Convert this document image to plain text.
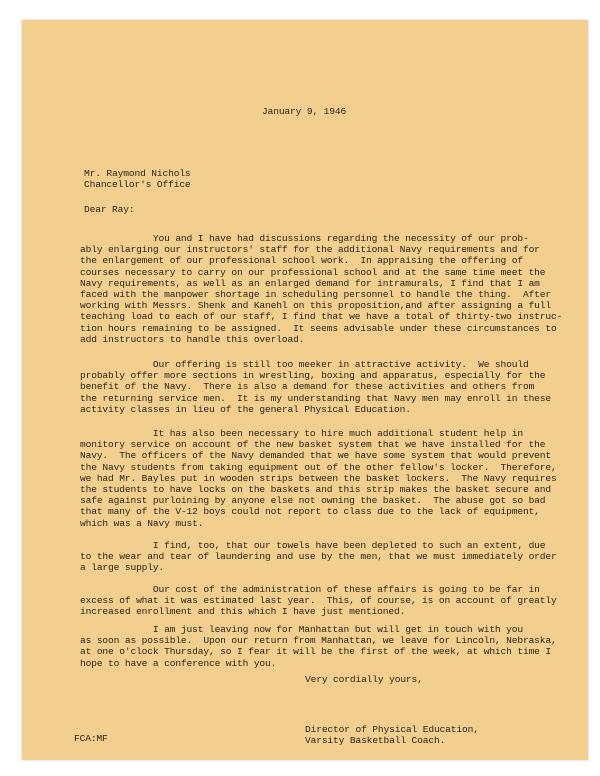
January 9, 1946
Mr. Raymond Nichols
Chancellor's Office
Dear Ray:
You and I have had discussions regarding the necessity of our prob-
ably enlarging our instructors' staff for the additional Navy requirements and for
the enlargement of our professional school work.  In appraising the offering of
courses necessary to carry on our professional school and at the same time meet the
Navy requirements, as well as an enlarged demand for intramurals, I find that I am
faced with the manpower shortage in scheduling personnel to handle the thing.  After
working with Messrs. Shenk and Kanehl on this proposition,and after assigning a full
teaching load to each of our staff, I find that we have a total of thirty-two instruc-
tion hours remaining to be assigned.  It seems advisable under these circumstances to
add instructors to handle this overload.
Our offering is still too meeker in attractive activity.  We should
probably offer more sections in wrestling, boxing and apparatus, especially for the
benefit of the Navy.  There is also a demand for these activities and others from
the returning service men.  It is my understanding that Navy men may enroll in these
activity classes in lieu of the general Physical Education.
It has also been necessary to hire much additional student help in
monitory service on account of the new basket system that we have installed for the
Navy.  The officers of the Navy demanded that we have some system that would prevent
the Navy students from taking equipment out of the other fellow's locker.  Therefore,
we had Mr. Bayles put in wooden strips between the basket lockers.  The Navy requires
the students to have locks on the baskets and this strip makes the basket secure and
safe against purloining by anyone else not owning the basket.  The abuse got so bad
that many of the V-12 boys could not report to class due to the lack of equipment,
which was a Navy must.
I find, too, that our towels have been depleted to such an extent, due
to the wear and tear of laundering and use by the men, that we must immediately order
a large supply.
Our cost of the administration of these affairs is going to be far in
excess of what it was estimated last year.  This, of course, is on account of greatly
increased enrollment and this which I have just mentioned.
I am just leaving now for Manhattan but will get in touch with you
as soon as possible.  Upon our return from Manhattan, we leave for Lincoln, Nebraska,
at one o'clock Thursday, so I fear it will be the first of the week, at which time I
hope to have a conference with you.
Very cordially yours,
Director of Physical Education,
Varsity Basketball Coach.
FCA:MF
